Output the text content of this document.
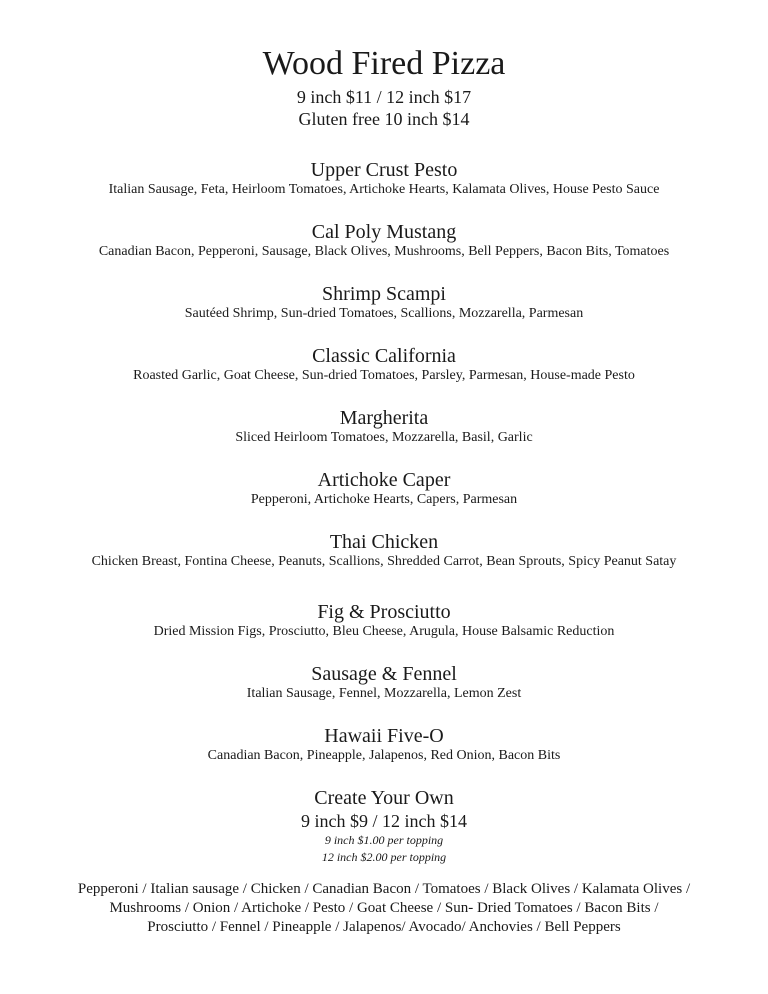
Wood Fired Pizza
9 inch $11 / 12 inch $17
Gluten free 10 inch $14
Upper Crust Pesto
Italian Sausage, Feta, Heirloom Tomatoes, Artichoke Hearts, Kalamata Olives, House Pesto Sauce
Cal Poly Mustang
Canadian Bacon, Pepperoni, Sausage, Black Olives, Mushrooms, Bell Peppers, Bacon Bits, Tomatoes
Shrimp Scampi
Sautéed Shrimp, Sun-dried Tomatoes, Scallions, Mozzarella, Parmesan
Classic California
Roasted Garlic, Goat Cheese, Sun-dried Tomatoes, Parsley, Parmesan, House-made Pesto
Margherita
Sliced Heirloom Tomatoes, Mozzarella, Basil, Garlic
Artichoke Caper
Pepperoni, Artichoke Hearts, Capers, Parmesan
Thai Chicken
Chicken Breast, Fontina Cheese, Peanuts, Scallions, Shredded Carrot, Bean Sprouts, Spicy Peanut Satay
Fig & Prosciutto
Dried Mission Figs, Prosciutto, Bleu Cheese, Arugula, House Balsamic Reduction
Sausage & Fennel
Italian Sausage, Fennel, Mozzarella, Lemon Zest
Hawaii Five-O
Canadian Bacon, Pineapple, Jalapenos, Red Onion, Bacon Bits
Create Your Own
9 inch $9 / 12 inch $14
9 inch $1.00 per topping
12 inch $2.00 per topping
Pepperoni / Italian sausage / Chicken / Canadian Bacon / Tomatoes / Black Olives / Kalamata Olives /
Mushrooms / Onion / Artichoke / Pesto / Goat Cheese / Sun- Dried Tomatoes / Bacon Bits /
Prosciutto / Fennel / Pineapple / Jalapenos/ Avocado/ Anchovies / Bell Peppers
